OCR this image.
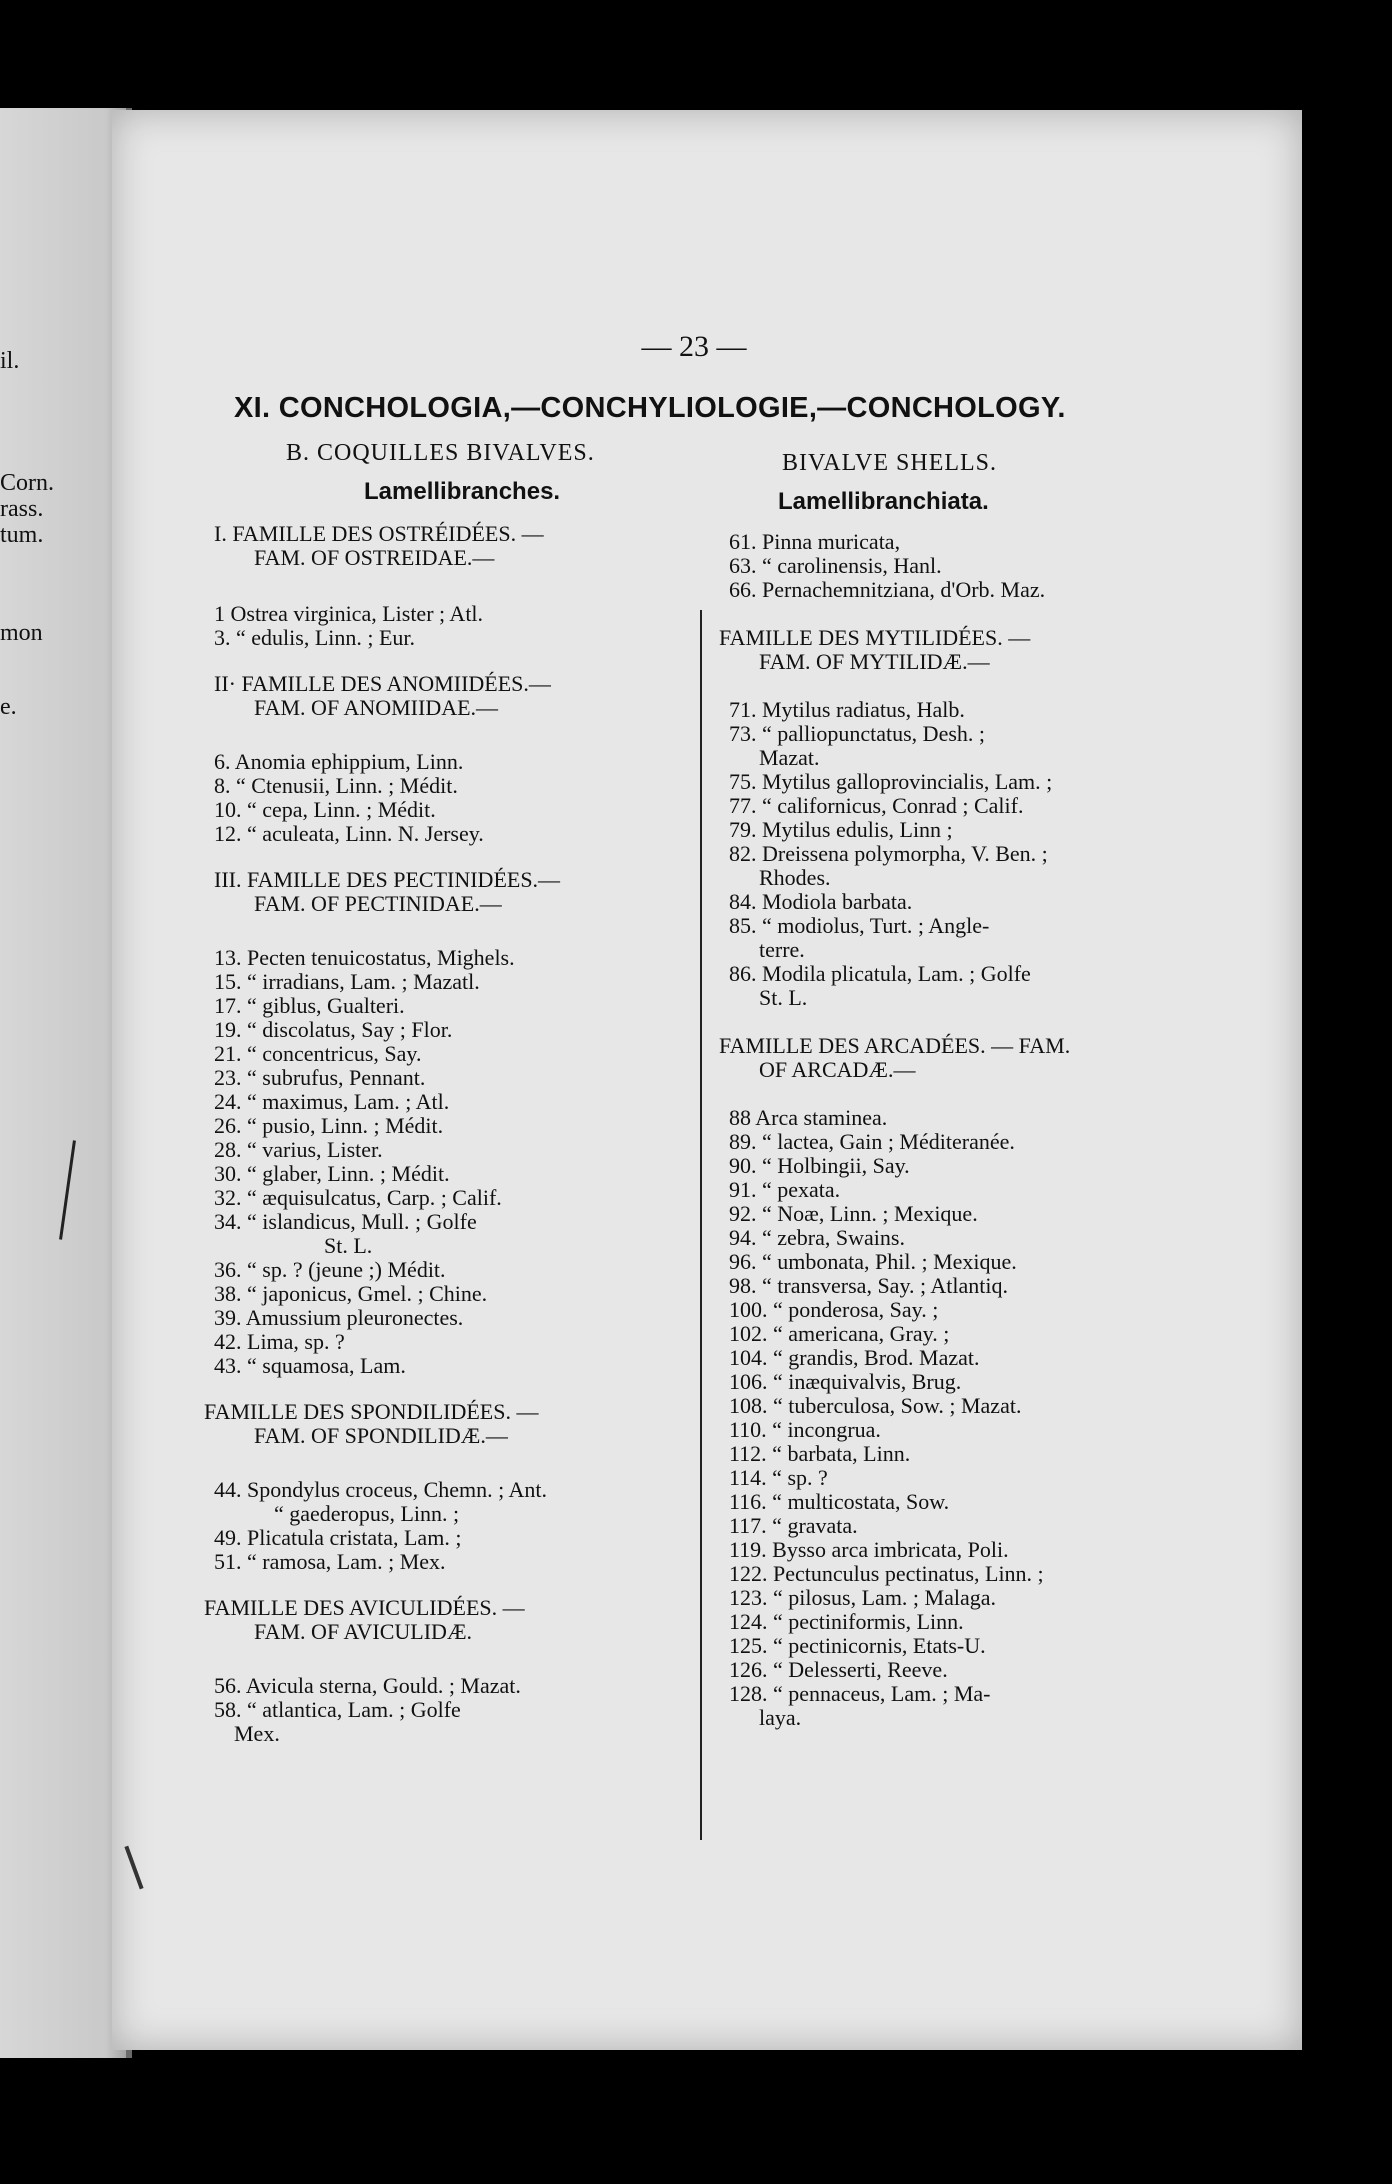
il.
Corn.
rass.
tum.
mon
e.
— 23 —
XI. CONCHOLOGIA,—CONCHYLIOLOGIE,—CONCHOLOGY.
B. COQUILLES BIVALVES.	BIVALVE SHELLS.
Lamellibranches.	Lamellibranchiata.
I. FAMILLE DES OSTRÉIDÉES. —
FAM. OF OSTREIDAE.—
1 Ostrea virginica, Lister ; Atl.
3. “ edulis, Linn. ; Eur.
II· FAMILLE DES ANOMIIDÉES.—
FAM. OF ANOMIIDAE.—
6. Anomia ephippium, Linn.
8. “ Ctenusii, Linn. ; Médit.
10. “ cepa, Linn. ; Médit.
12. “ aculeata, Linn. N. Jersey.
III. FAMILLE DES PECTINIDÉES.—
FAM. OF PECTINIDAE.—
13. Pecten tenuicostatus, Mighels.
15. “ irradians, Lam. ; Mazatl.
17. “ giblus, Gualteri.
19. “ discolatus, Say ; Flor.
21. “ concentricus, Say.
23. “ subrufus, Pennant.
24. “ maximus, Lam. ; Atl.
26. “ pusio, Linn. ; Médit.
28. “ varius, Lister.
30. “ glaber, Linn. ; Médit.
32. “ æquisulcatus, Carp. ; Calif.
34. “ islandicus, Mull. ; Golfe
St. L.
36. “ sp. ? (jeune ;) Médit.
38. “ japonicus, Gmel. ; Chine.
39. Amussium pleuronectes.
42. Lima, sp. ?
43. “ squamosa, Lam.
FAMILLE DES SPONDILIDÉES. —
FAM. OF SPONDILIDÆ.—
44. Spondylus croceus, Chemn. ; Ant.
“ gaederopus, Linn. ;
49. Plicatula cristata, Lam. ;
51. “ ramosa, Lam. ; Mex.
FAMILLE DES AVICULIDÉES. —
FAM. OF AVICULIDÆ.
56. Avicula sterna, Gould. ; Mazat.
58. “ atlantica, Lam. ; Golfe
Mex.
61. Pinna muricata,
63. “ carolinensis, Hanl.
66. Pernachemnitziana, d'Orb. Maz.
FAMILLE DES MYTILIDÉES. —
FAM. OF MYTILIDÆ.—
71. Mytilus radiatus, Halb.
73. “ palliopunctatus, Desh. ;
Mazat.
75. Mytilus galloprovincialis, Lam. ;
77. “ californicus, Conrad ; Calif.
79. Mytilus edulis, Linn ;
82. Dreissena polymorpha, V. Ben. ;
Rhodes.
84. Modiola barbata.
85. “ modiolus, Turt. ; Angle-
terre.
86. Modila plicatula, Lam. ; Golfe
St. L.
FAMILLE DES ARCADÉES. — FAM.
OF ARCADÆ.—
88 Arca staminea.
89. “ lactea, Gain ; Méditeranée.
90. “ Holbingii, Say.
91. “ pexata.
92. “ Noæ, Linn. ; Mexique.
94. “ zebra, Swains.
96. “ umbonata, Phil. ; Mexique.
98. “ transversa, Say. ; Atlantiq.
100. “ ponderosa, Say. ;
102. “ americana, Gray. ;
104. “ grandis, Brod. Mazat.
106. “ inæquivalvis, Brug.
108. “ tuberculosa, Sow. ; Mazat.
110. “ incongrua.
112. “ barbata, Linn.
114. “ sp. ?
116. “ multicostata, Sow.
117. “ gravata.
119. Bysso arca imbricata, Poli.
122. Pectunculus pectinatus, Linn. ;
123. “ pilosus, Lam. ; Malaga.
124. “ pectiniformis, Linn.
125. “ pectinicornis, Etats-U.
126. “ Delesserti, Reeve.
128. “ pennaceus, Lam. ; Ma-
laya.
